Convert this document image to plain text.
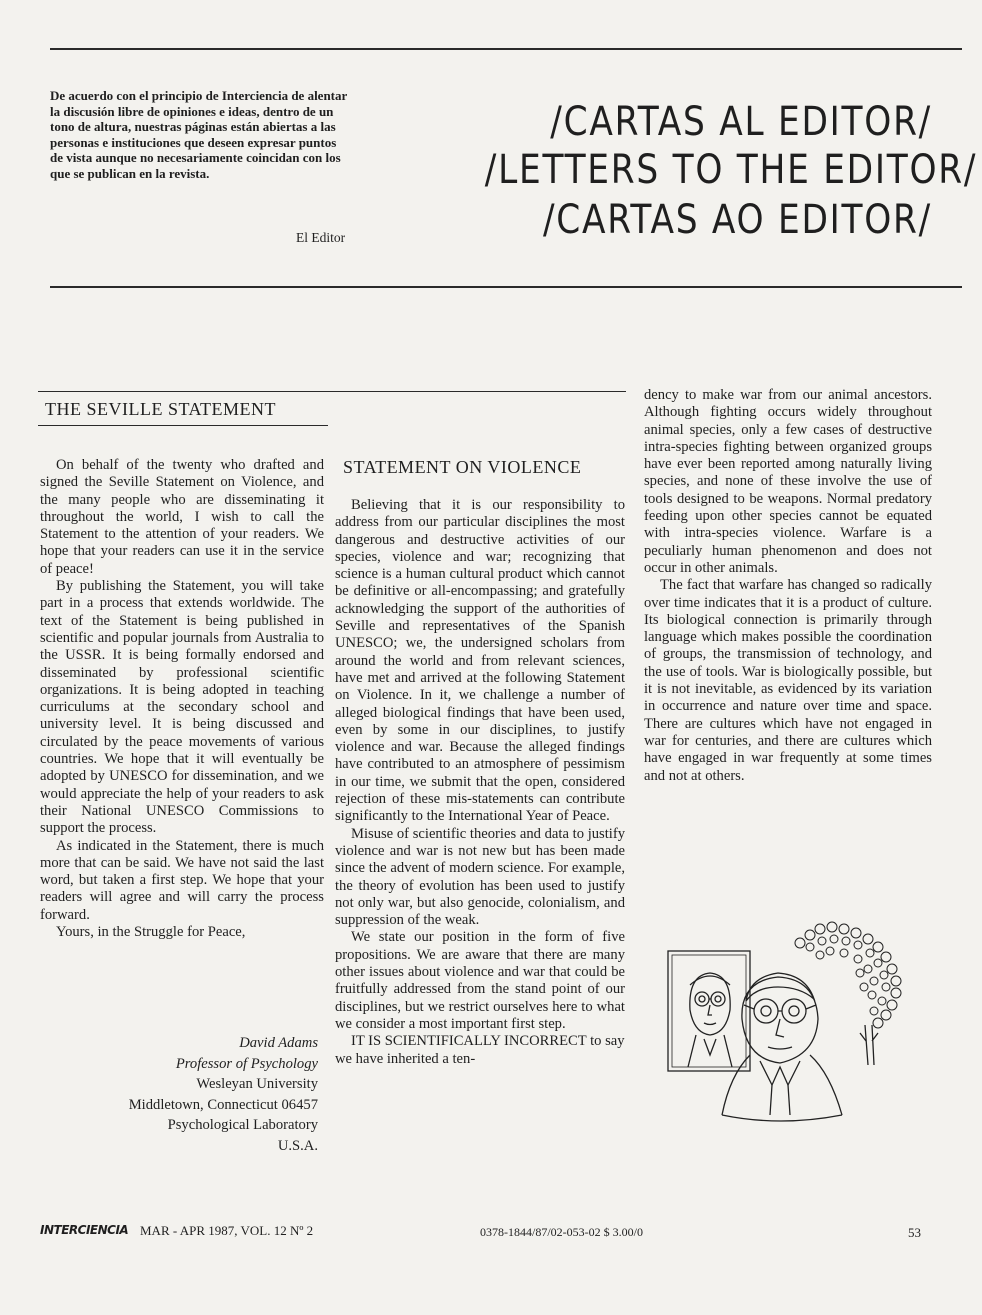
De acuerdo con el principio de Interciencia de alentar la discusión libre de opiniones e ideas, dentro de un tono de altura, nuestras páginas están abiertas a las personas e instituciones que deseen expresar puntos de vista aunque no necesariamente coincidan con los que se publican en la revista.
El Editor
/CARTAS AL EDITOR/
/LETTERS TO THE EDITOR/
/CARTAS AO EDITOR/
THE SEVILLE STATEMENT

On behalf of the twenty who drafted and signed the Seville Statement on Violence, and the many people who are disseminating it throughout the world, I wish to call the Statement to the attention of your readers. We hope that your readers can use it in the service of peace!

By publishing the Statement, you will take part in a process that extends worldwide. The text of the Statement is being published in scientific and popular journals from Australia to the USSR. It is being formally endorsed and disseminated by professional scientific organizations. It is being adopted in teaching curriculums at the secondary school and university level. It is being discussed and circulated by the peace movements of various countries. We hope that it will eventually be adopted by UNESCO for dissemination, and we would appreciate the help of your readers to ask their National UNESCO Commissions to support the process.

As indicated in the Statement, there is much more that can be said. We have not said the last word, but taken a first step. We hope that your readers will agree and will carry the process forward.

Yours, in the Struggle for Peace,

David Adams
Professor of Psychology
Wesleyan University
Middletown, Connecticut 06457
Psychological Laboratory
U.S.A.
STATEMENT ON VIOLENCE

Believing that it is our responsibility to address from our particular disciplines the most dangerous and destructive activities of our species, violence and war; recognizing that science is a human cultural product which cannot be definitive or all-encompassing; and gratefully acknowledging the support of the authorities of Seville and representatives of the Spanish UNESCO; we, the undersigned scholars from around the world and from relevant sciences, have met and arrived at the following Statement on Violence. In it, we challenge a number of alleged biological findings that have been used, even by some in our disciplines, to justify violence and war. Because the alleged findings have contributed to an atmosphere of pessimism in our time, we submit that the open, considered rejection of these mis-statements can contribute significantly to the International Year of Peace.

Misuse of scientific theories and data to justify violence and war is not new but has been made since the advent of modern science. For example, the theory of evolution has been used to justify not only war, but also genocide, colonialism, and suppression of the weak.

We state our position in the form of five propositions. We are aware that there are many other issues about violence and war that could be fruitfully addressed from the stand point of our disciplines, but we restrict ourselves here to what we consider a most important first step.

IT IS SCIENTIFICALLY INCORRECT to say we have inherited a ten-

dency to make war from our animal ancestors. Although fighting occurs widely throughout animal species, only a few cases of destructive intra-species fighting between organized groups have ever been reported among naturally living species, and none of these involve the use of tools designed to be weapons. Normal predatory feeding upon other species cannot be equated with intra-species violence. Warfare is a peculiarly human phenomenon and does not occur in other animals.

The fact that warfare has changed so radically over time indicates that it is a product of culture. Its biological connection is primarily through language which makes possible the coordination of groups, the transmission of technology, and the use of tools. War is biologically possible, but it is not inevitable, as evidenced by its variation in occurrence and nature over time and space. There are cultures which have not engaged in war for centuries, and there are cultures which have engaged in war frequently at some times and not at others.

INTERCIENCIA MAR - APR 1987, VOL. 12 Nº 2	0378-1844/87/02-053-02 $ 3.00/0	53
